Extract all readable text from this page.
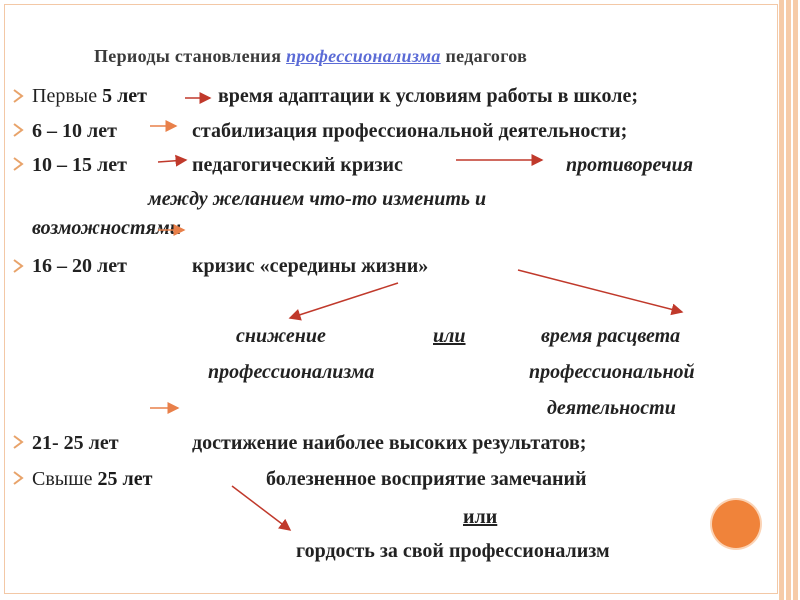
Периоды становления профессионализма педагогов
Первые 5 лет	время адаптации к условиям работы в школе;
6 – 10 лет	стабилизация профессиональной деятельности;
10 – 15 лет	педагогический кризис	противоречия
между желанием что-то изменить и
возможностями
16 – 20 лет	кризис «середины жизни»
снижение	или	время расцвета
профессионализма	профессиональной
деятельности
21- 25 лет	достижение наиболее высоких результатов;
Свыше 25 лет	болезненное восприятие замечаний
или
гордость за свой профессионализм
